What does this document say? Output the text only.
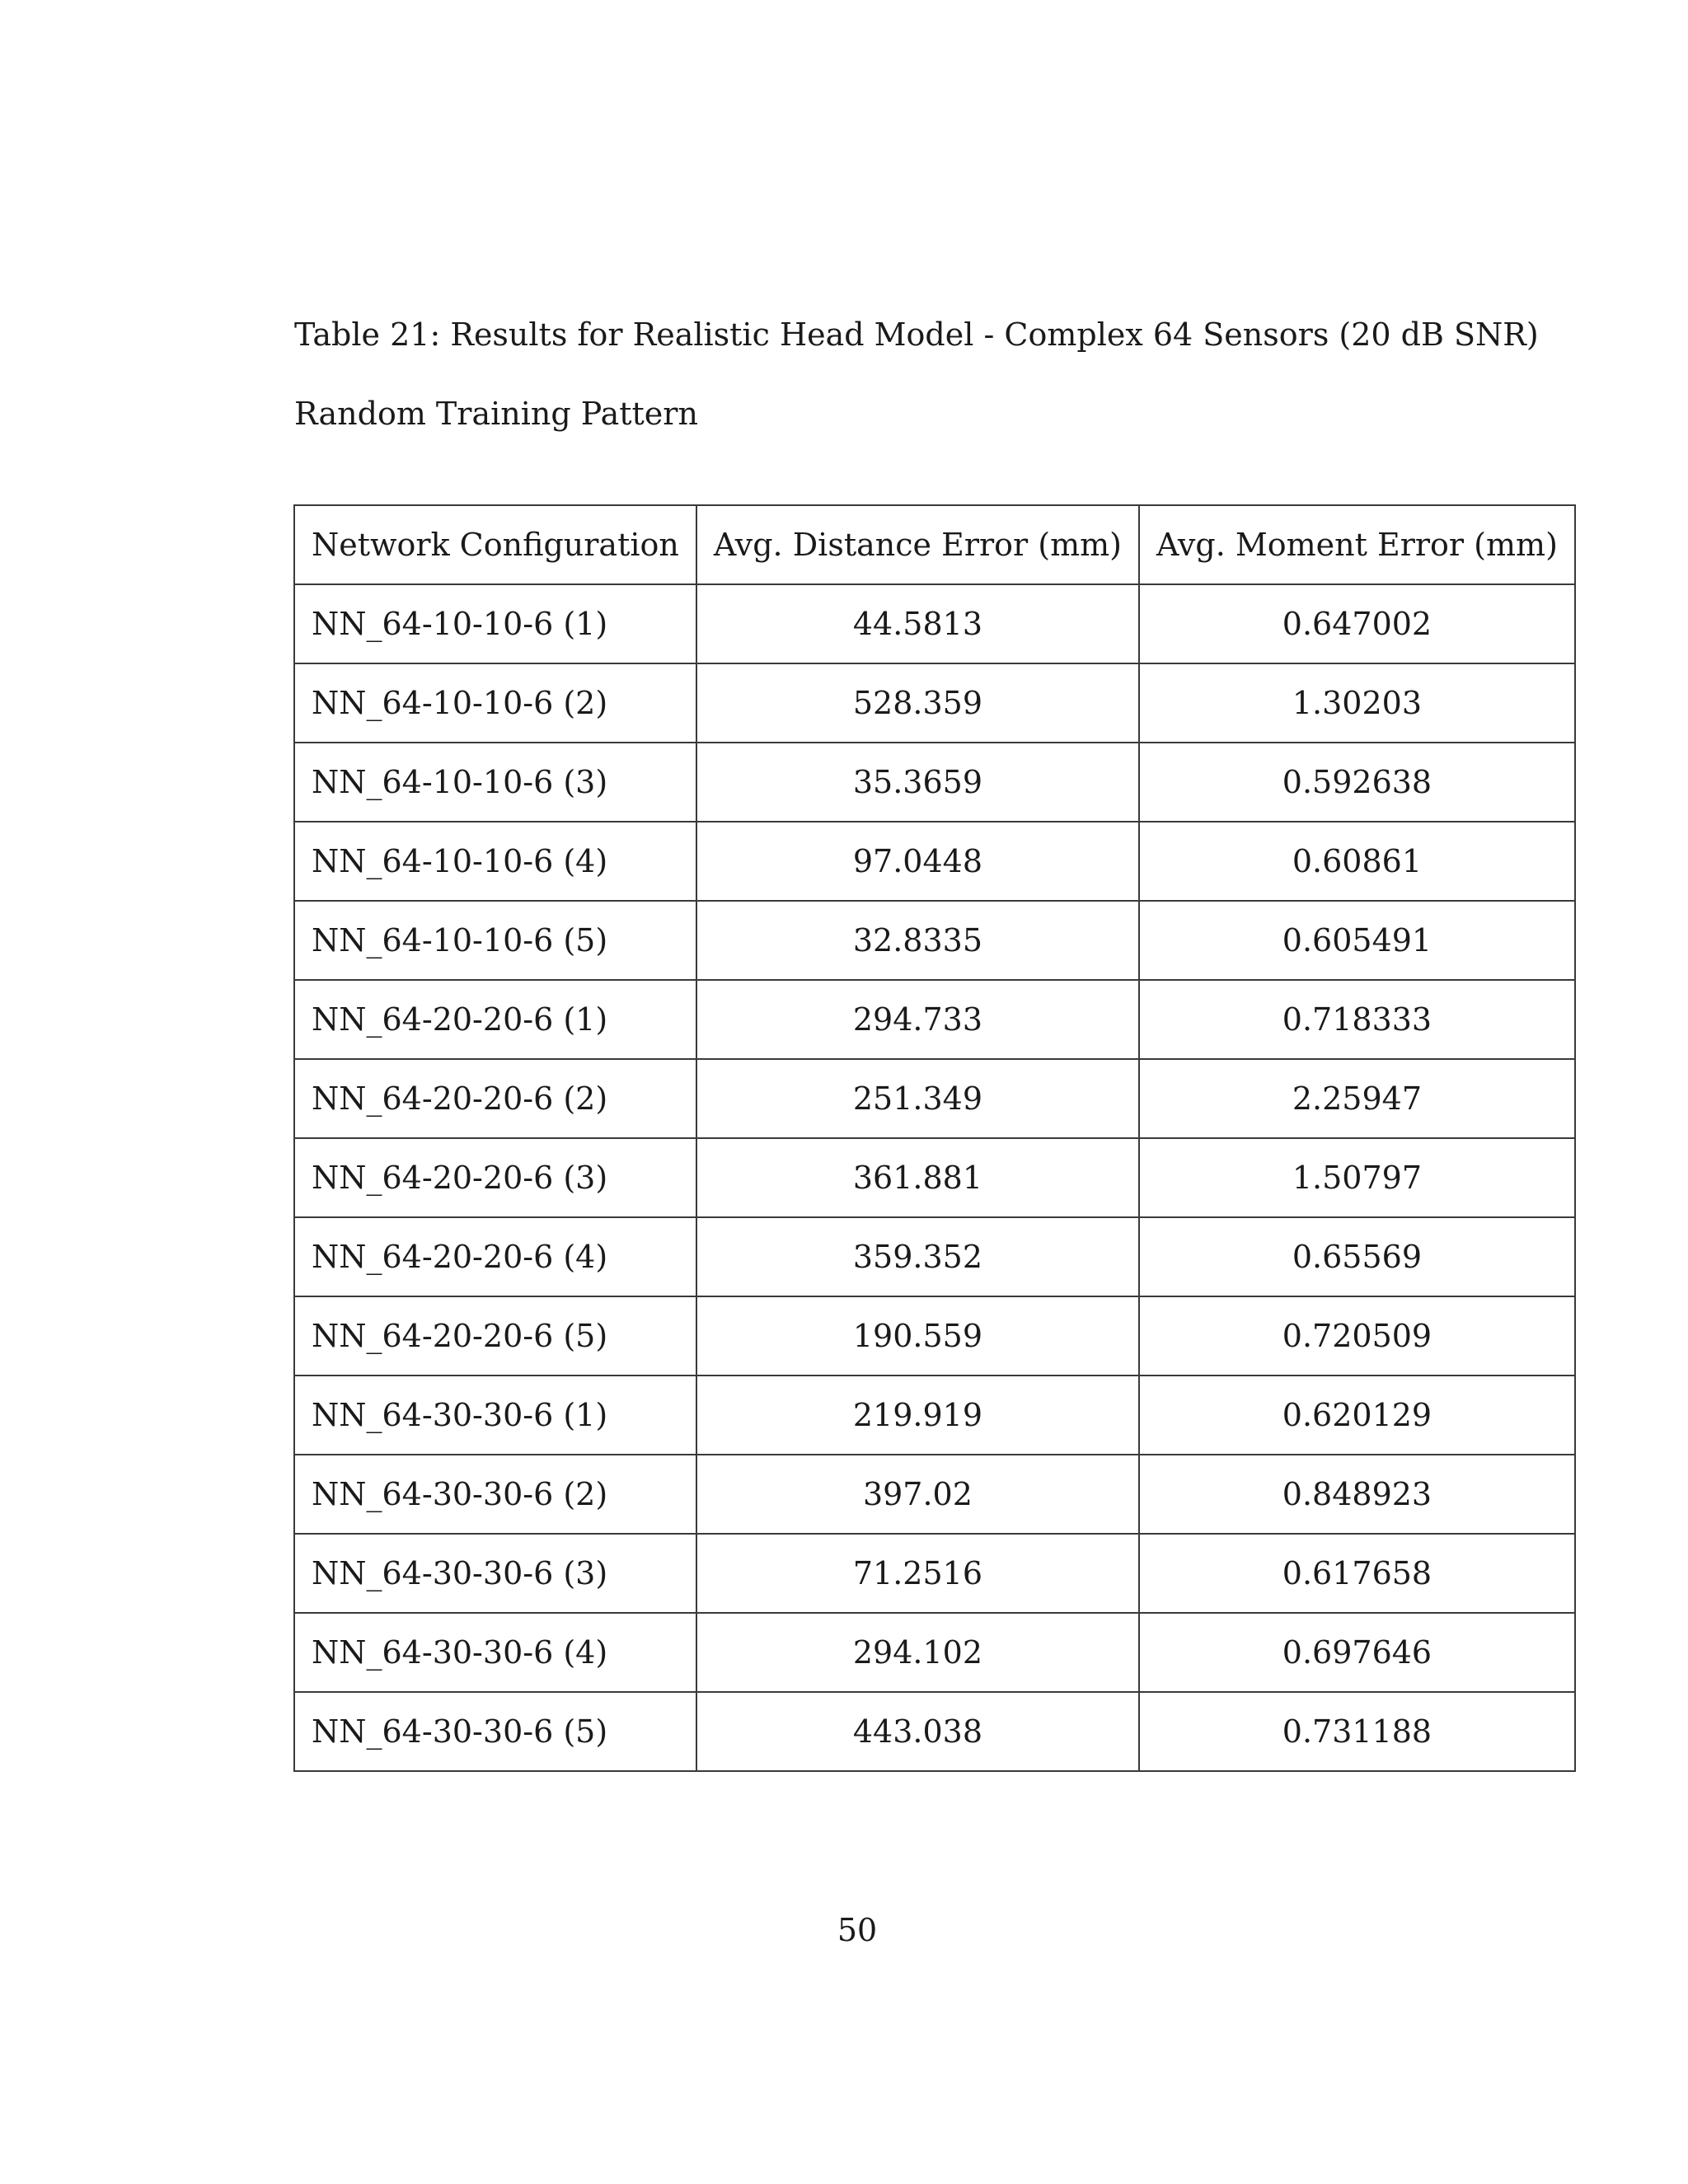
Table 21: Results for Realistic Head Model - Complex 64 Sensors (20 dB SNR)
Random Training Pattern
Network Configuration	Avg. Distance Error (mm)	Avg. Moment Error (mm)
NN_64-10-10-6 (1)	44.5813	0.647002
NN_64-10-10-6 (2)	528.359	1.30203
NN_64-10-10-6 (3)	35.3659	0.592638
NN_64-10-10-6 (4)	97.0448	0.60861
NN_64-10-10-6 (5)	32.8335	0.605491
NN_64-20-20-6 (1)	294.733	0.718333
NN_64-20-20-6 (2)	251.349	2.25947
NN_64-20-20-6 (3)	361.881	1.50797
NN_64-20-20-6 (4)	359.352	0.65569
NN_64-20-20-6 (5)	190.559	0.720509
NN_64-30-30-6 (1)	219.919	0.620129
NN_64-30-30-6 (2)	397.02	0.848923
NN_64-30-30-6 (3)	71.2516	0.617658
NN_64-30-30-6 (4)	294.102	0.697646
NN_64-30-30-6 (5)	443.038	0.731188
50
